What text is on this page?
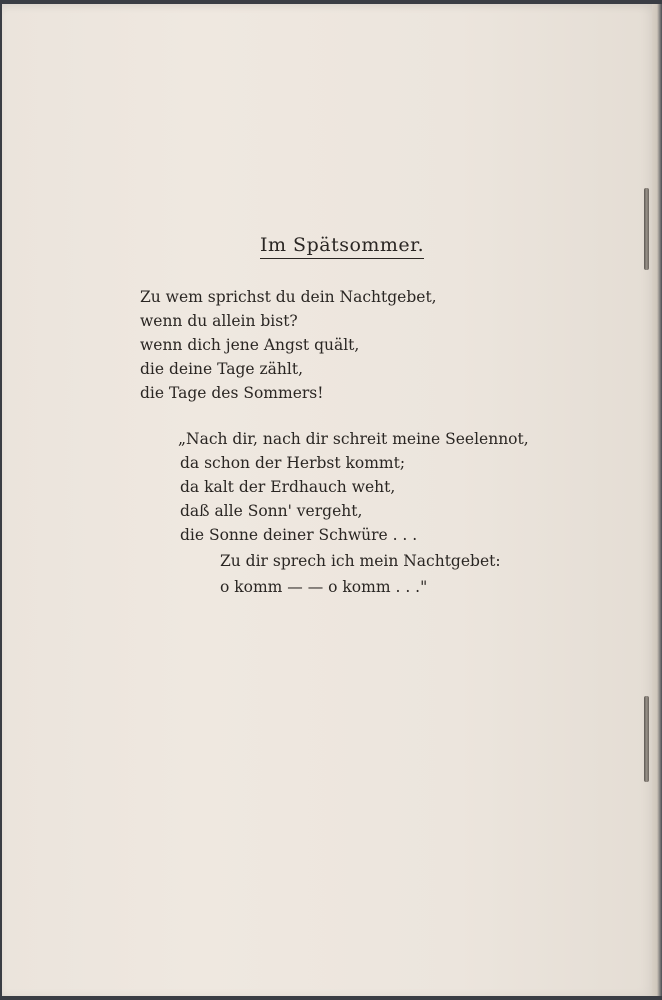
Im Spätsommer.
Zu wem sprichst du dein Nachtgebet,
wenn du allein bist?
wenn dich jene Angst quält,
die deine Tage zählt,
die Tage des Sommers!
„Nach dir, nach dir schreit meine Seelennot,
da schon der Herbst kommt;
da kalt der Erdhauch weht,
daß alle Sonn' vergeht,
die Sonne deiner Schwüre . . .
Zu dir sprech ich mein Nachtgebet:
o komm — — o komm . . ."
